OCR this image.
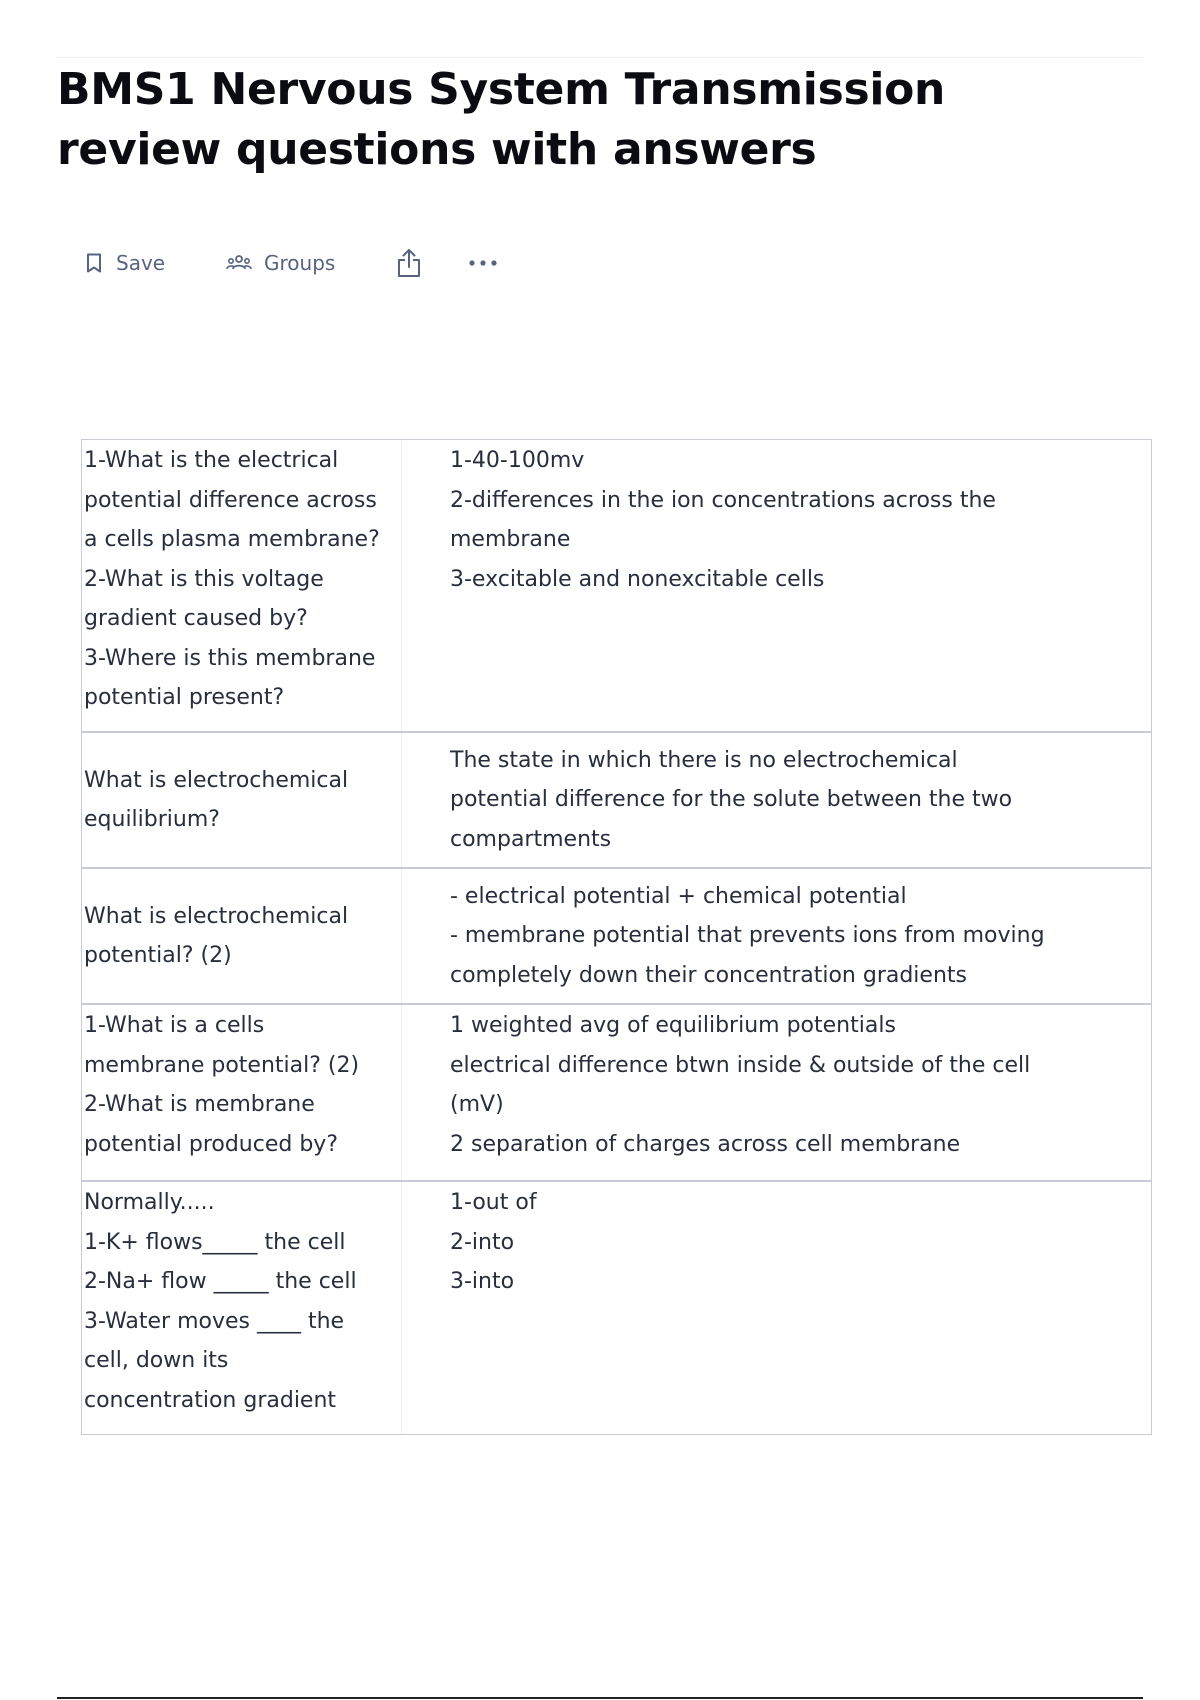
BMS1 Nervous System Transmission review questions with answers
Save	Groups
1-What is the electrical
potential difference across
a cells plasma membrane?
2-What is this voltage
gradient caused by?
3-Where is this membrane
potential present?
1-40-100mv
2-differences in the ion concentrations across the
membrane
3-excitable and nonexcitable cells
What is electrochemical
equilibrium?
The state in which there is no electrochemical
potential difference for the solute between the two
compartments
What is electrochemical
potential? (2)
- electrical potential + chemical potential
- membrane potential that prevents ions from moving
completely down their concentration gradients
1-What is a cells
membrane potential? (2)
2-What is membrane
potential produced by?
1 weighted avg of equilibrium potentials
electrical difference btwn inside & outside of the cell
(mV)
2 separation of charges across cell membrane
Normally.....
1-K+ flows_____ the cell
2-Na+ flow _____ the cell
3-Water moves ____ the
cell, down its
concentration gradient
1-out of
2-into
3-into
